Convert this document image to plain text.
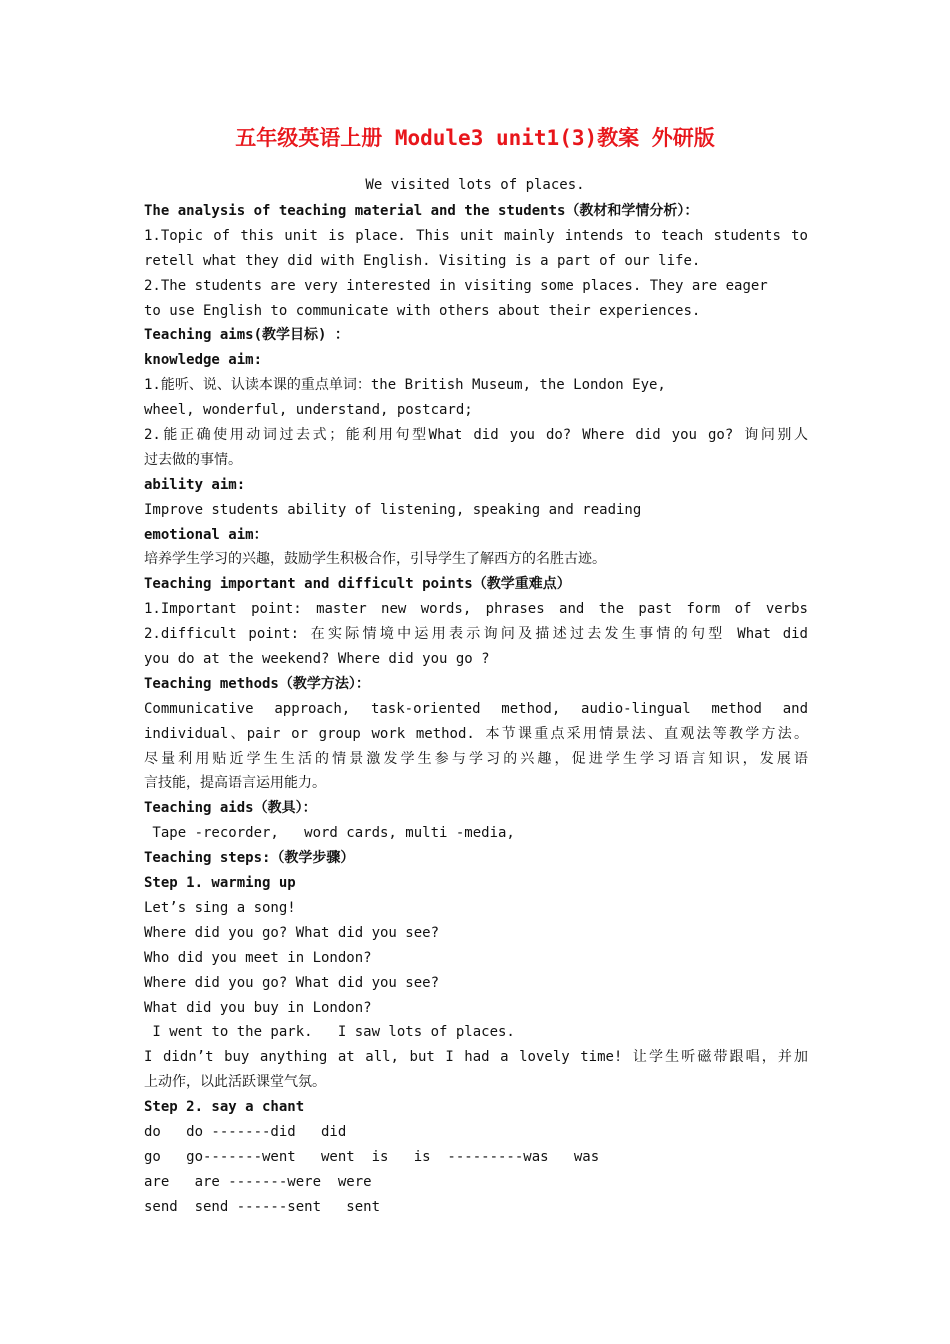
五年级英语上册 Module3 unit1(3)教案 外研版
We visited lots of places.
The analysis of teaching material and the students（教材和学情分析）：
1.Topic of this unit is place. This unit mainly intends to teach students to
retell what they did with English. Visiting is a part of our life.
2.The students are very interested in visiting some places. They are eager
to use English to communicate with others about their experiences.
Teaching aims(教学目标) ：
knowledge aim:
1.能听、说、认读本课的重点单词：the British Museum, the London Eye,
wheel, wonderful, understand, postcard;
2.能正确使用动词过去式；能利用句型What did you do? Where did you go? 询问别人
过去做的事情。
ability aim:
Improve students ability of listening, speaking and reading
emotional aim：
培养学生学习的兴趣，鼓励学生积极合作，引导学生了解西方的名胜古迹。
Teaching important and difficult points（教学重难点）
1.Important point: master new words, phrases and the past form of verbs
2.difficult point: 在实际情境中运用表示询问及描述过去发生事情的句型 What did
you do at the weekend? Where did you go ?
Teaching methods（教学方法）：
Communicative approach, task-oriented method, audio-lingual method and
individual、pair or group work method. 本节课重点采用情景法、直观法等教学方法。
尽量利用贴近学生生活的情景激发学生参与学习的兴趣，促进学生学习语言知识，发展语
言技能，提高语言运用能力。
Teaching aids（教具）：
Tape -recorder,   word cards, multi -media,
Teaching steps:（教学步骤）
Step 1. warming up
Let’s sing a song!
Where did you go? What did you see?
Who did you meet in London?
Where did you go? What did you see?
What did you buy in London?
I went to the park.   I saw lots of places.
I didn’t buy anything at all, but I had a lovely time! 让学生听磁带跟唱，并加
上动作，以此活跃课堂气氛。
Step 2. say a chant
do   do -------did   did
go   go-------went   went  is   is  ---------was   was
are   are -------were  were
send  send ------sent   sent
